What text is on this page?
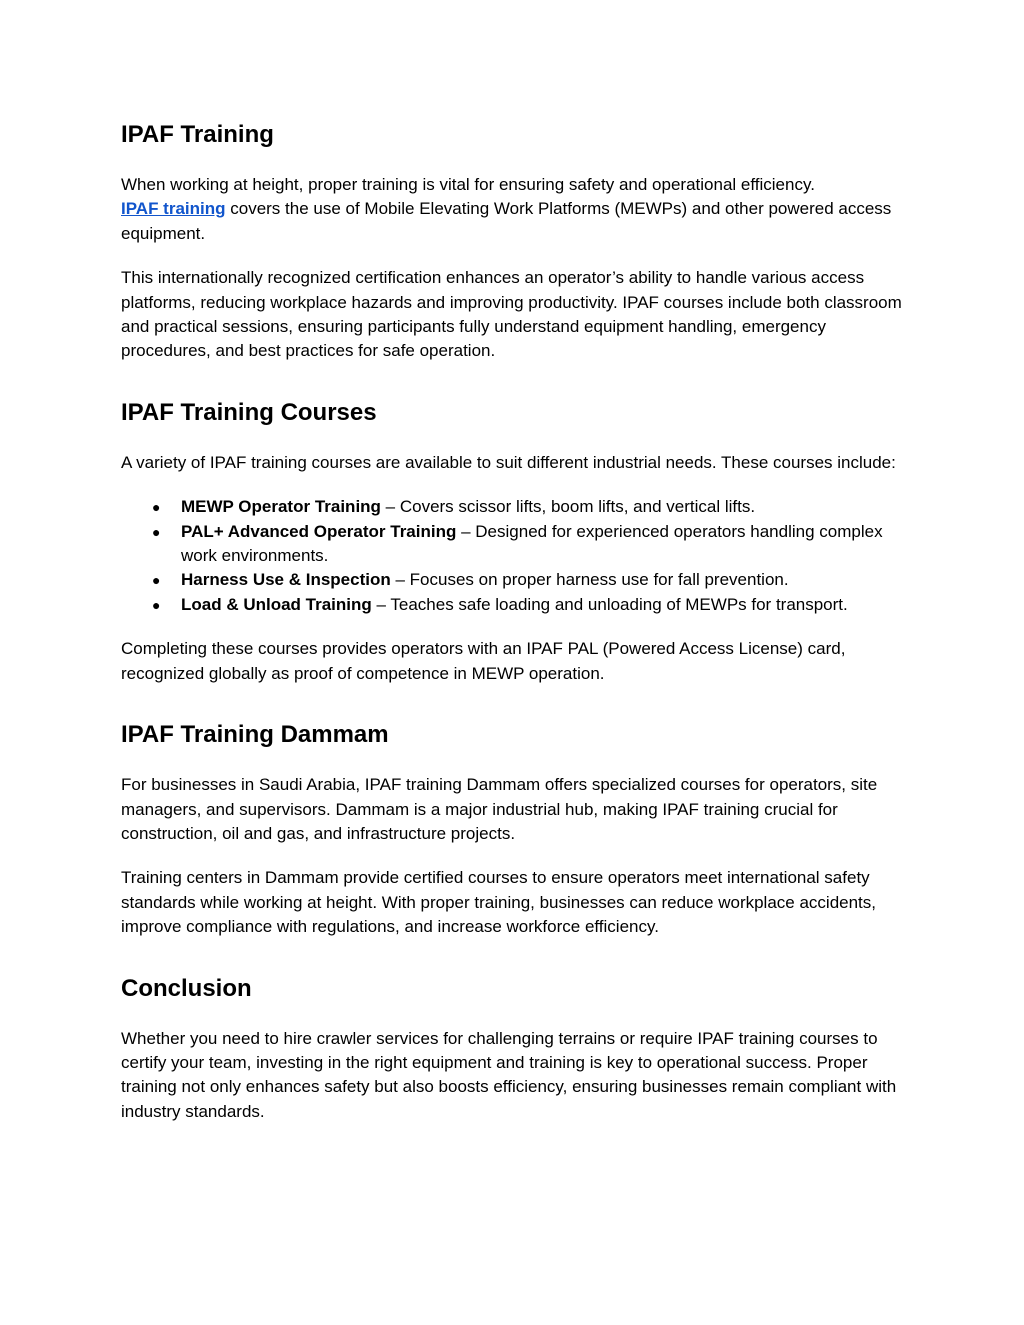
IPAF Training

When working at height, proper training is vital for ensuring safety and operational efficiency.
IPAF training covers the use of Mobile Elevating Work Platforms (MEWPs) and other powered access equipment.

This internationally recognized certification enhances an operator’s ability to handle various access platforms, reducing workplace hazards and improving productivity. IPAF courses include both classroom and practical sessions, ensuring participants fully understand equipment handling, emergency procedures, and best practices for safe operation.

IPAF Training Courses

A variety of IPAF training courses are available to suit different industrial needs. These courses include:

● MEWP Operator Training – Covers scissor lifts, boom lifts, and vertical lifts.
● PAL+ Advanced Operator Training – Designed for experienced operators handling complex work environments.
● Harness Use & Inspection – Focuses on proper harness use for fall prevention.
● Load & Unload Training – Teaches safe loading and unloading of MEWPs for transport.

Completing these courses provides operators with an IPAF PAL (Powered Access License) card, recognized globally as proof of competence in MEWP operation.

IPAF Training Dammam

For businesses in Saudi Arabia, IPAF training Dammam offers specialized courses for operators, site managers, and supervisors. Dammam is a major industrial hub, making IPAF training crucial for construction, oil and gas, and infrastructure projects.

Training centers in Dammam provide certified courses to ensure operators meet international safety standards while working at height. With proper training, businesses can reduce workplace accidents, improve compliance with regulations, and increase workforce efficiency.

Conclusion

Whether you need to hire crawler services for challenging terrains or require IPAF training courses to certify your team, investing in the right equipment and training is key to operational success. Proper training not only enhances safety but also boosts efficiency, ensuring businesses remain compliant with industry standards.
